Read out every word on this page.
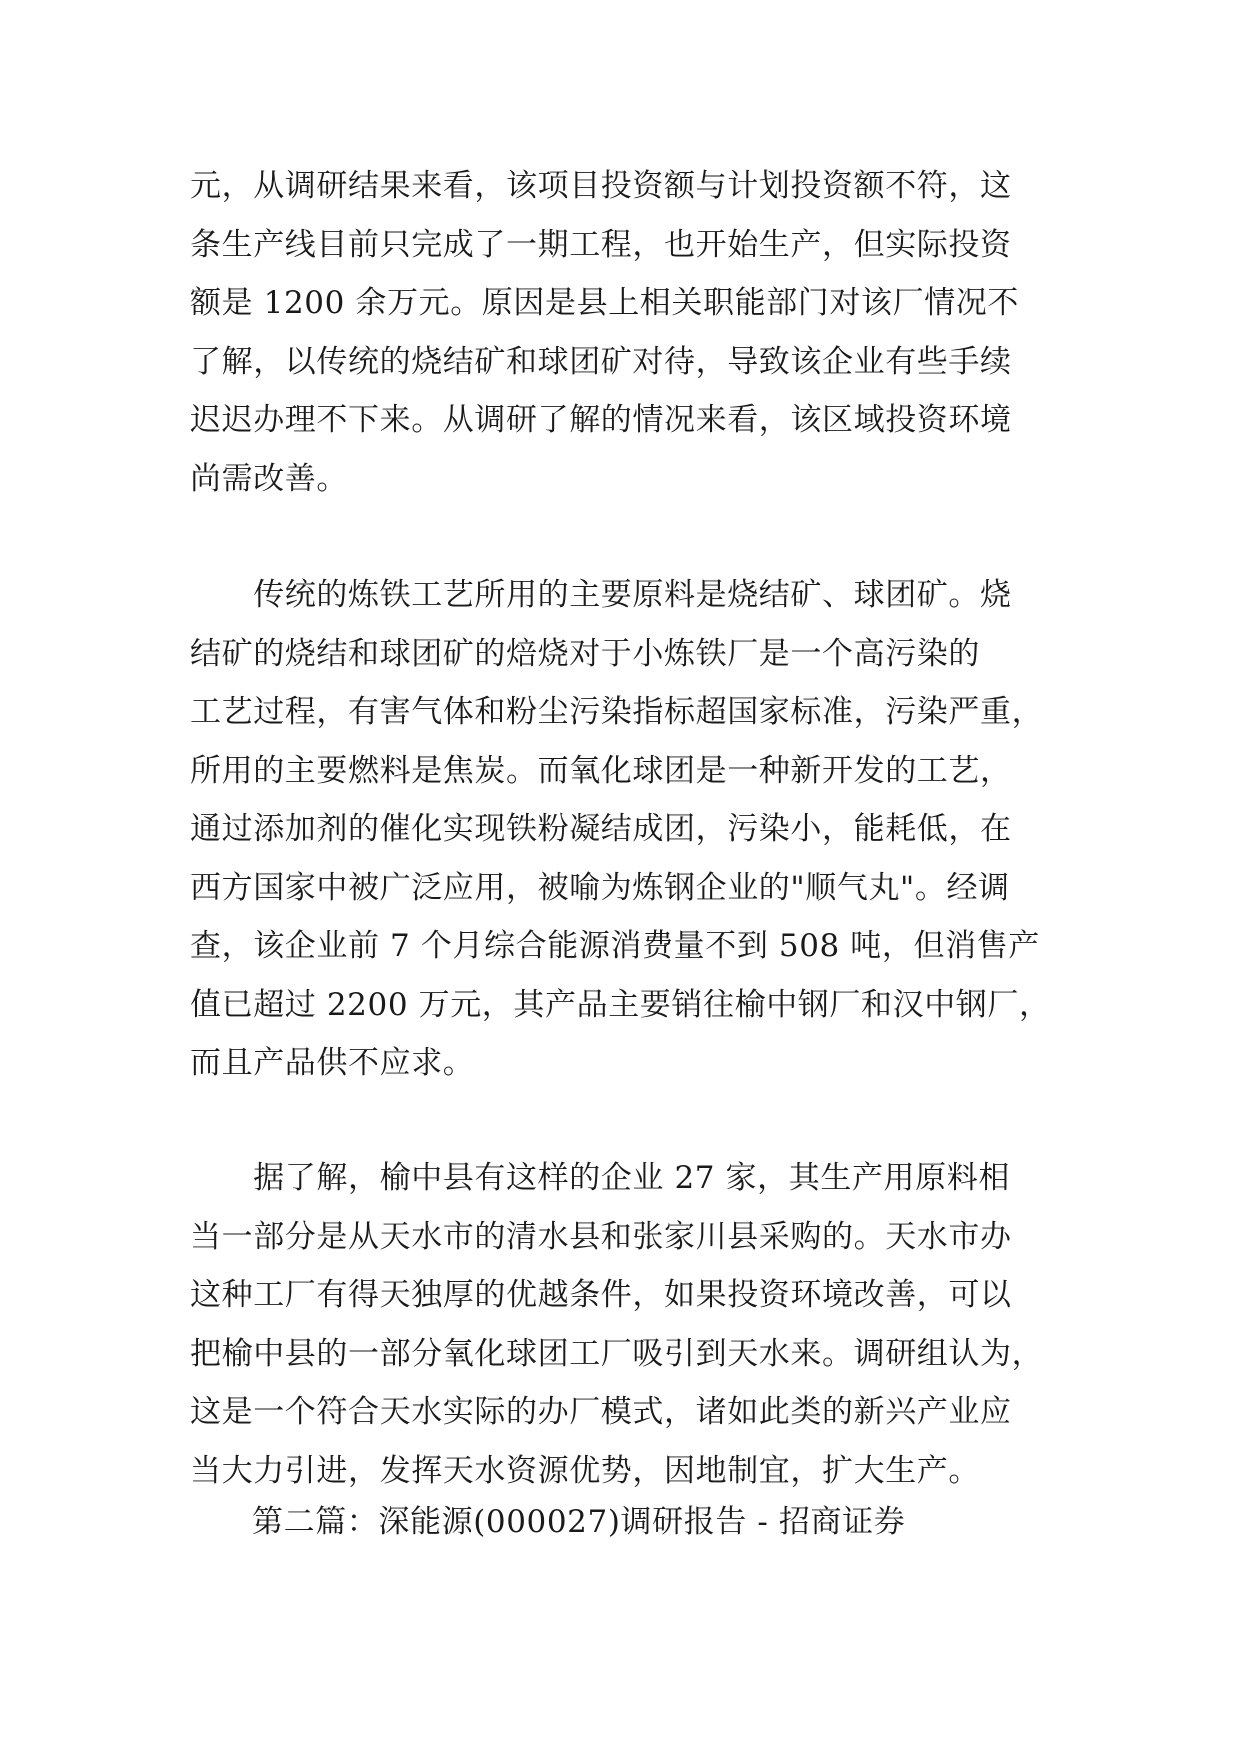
元，从调研结果来看，该项目投资额与计划投资额不符，这
条生产线目前只完成了一期工程，也开始生产，但实际投资
额是 1200 余万元。原因是县上相关职能部门对该厂情况不
了解，以传统的烧结矿和球团矿对待，导致该企业有些手续
迟迟办理不下来。从调研了解的情况来看，该区域投资环境
尚需改善。
　　传统的炼铁工艺所用的主要原料是烧结矿、球团矿。烧
结矿的烧结和球团矿的焙烧对于小炼铁厂是一个高污染的
工艺过程，有害气体和粉尘污染指标超国家标准，污染严重，
所用的主要燃料是焦炭。而氧化球团是一种新开发的工艺，
通过添加剂的催化实现铁粉凝结成团，污染小，能耗低，在
西方国家中被广泛应用，被喻为炼钢企业的"顺气丸"。经调
查，该企业前 7 个月综合能源消费量不到 508 吨，但消售产
值已超过 2200 万元，其产品主要销往榆中钢厂和汉中钢厂，
而且产品供不应求。
　　据了解，榆中县有这样的企业 27 家，其生产用原料相
当一部分是从天水市的清水县和张家川县采购的。天水市办
这种工厂有得天独厚的优越条件，如果投资环境改善，可以
把榆中县的一部分氧化球团工厂吸引到天水来。调研组认为，
这是一个符合天水实际的办厂模式，诸如此类的新兴产业应
当大力引进，发挥天水资源优势，因地制宜，扩大生产。
第二篇：深能源(000027)调研报告 - 招商证券
